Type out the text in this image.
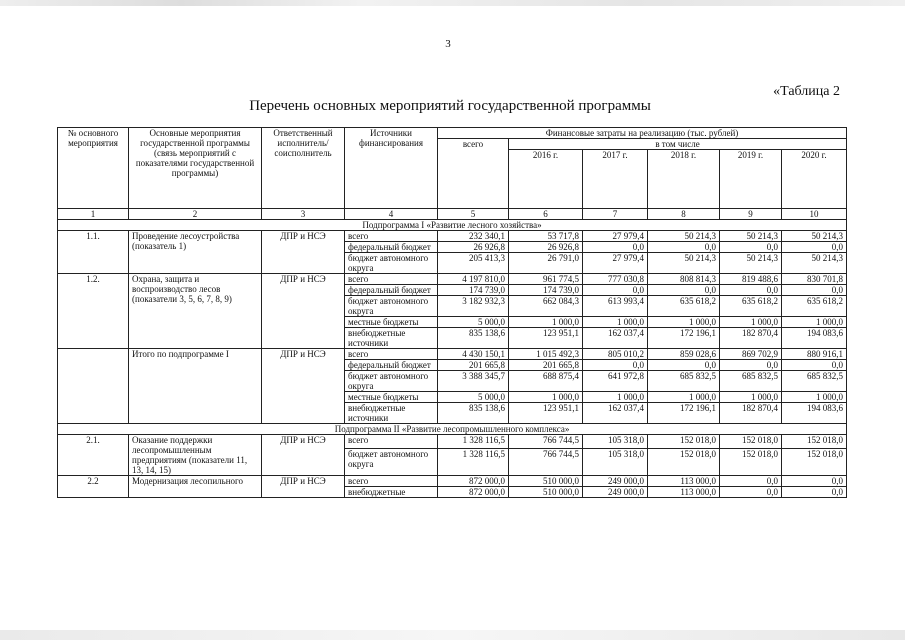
3
«Таблица 2
Перечень основных мероприятий государственной программы
№ основного мероприятия	Основные мероприятия государственной программы (связь мероприятий с показателями государственной программы)	Ответственный исполнитель/соисполнитель	Источники финансирования	Финансовые затраты на реализацию (тыс. рублей)					
				всего	в том числе				
					2016 г.	2017 г.	2018 г.	2019 г.	2020 г.
1	2	3	4	5	6	7	8	9	10
Подпрограмма I «Развитие лесного хозяйства»									
1.1.	Проведение лесоустройства (показатель 1)	ДПР и НСЭ	всего	232 340,1	53 717,8	27 979,4	50 214,3	50 214,3	50 214,3
			федеральный бюджет	26 926,8	26 926,8	0,0	0,0	0,0	0,0
			бюджет автономного округа	205 413,3	26 791,0	27 979,4	50 214,3	50 214,3	50 214,3
1.2.	Охрана, защита и воспроизводство лесов (показатели 3, 5, 6, 7, 8, 9)	ДПР и НСЭ	всего	4 197 810,0	961 774,5	777 030,8	808 814,3	819 488,6	830 701,8
			федеральный бюджет	174 739,0	174 739,0	0,0	0,0	0,0	0,0
			бюджет автономного округа	3 182 932,3	662 084,3	613 993,4	635 618,2	635 618,2	635 618,2
			местные бюджеты	5 000,0	1 000,0	1 000,0	1 000,0	1 000,0	1 000,0
			внебюджетные источники	835 138,6	123 951,1	162 037,4	172 196,1	182 870,4	194 083,6
	Итого по подпрограмме I	ДПР и НСЭ	всего	4 430 150,1	1 015 492,3	805 010,2	859 028,6	869 702,9	880 916,1
			федеральный бюджет	201 665,8	201 665,8	0,0	0,0	0,0	0,0
			бюджет автономного округа	3 388 345,7	688 875,4	641 972,8	685 832,5	685 832,5	685 832,5
			местные бюджеты	5 000,0	1 000,0	1 000,0	1 000,0	1 000,0	1 000,0
			внебюджетные источники	835 138,6	123 951,1	162 037,4	172 196,1	182 870,4	194 083,6
Подпрограмма II «Развитие лесопромышленного комплекса»									
2.1.	Оказание поддержки лесопромышленным предприятиям (показатели 11, 13, 14, 15)	ДПР и НСЭ	всего	1 328 116,5	766 744,5	105 318,0	152 018,0	152 018,0	152 018,0
			бюджет автономного округа	1 328 116,5	766 744,5	105 318,0	152 018,0	152 018,0	152 018,0
2.2	Модернизация лесопильного	ДПР и НСЭ	всего	872 000,0	510 000,0	249 000,0	113 000,0	0,0	0,0
			внебюджетные	872 000,0	510 000,0	249 000,0	113 000,0	0,0	0,0
